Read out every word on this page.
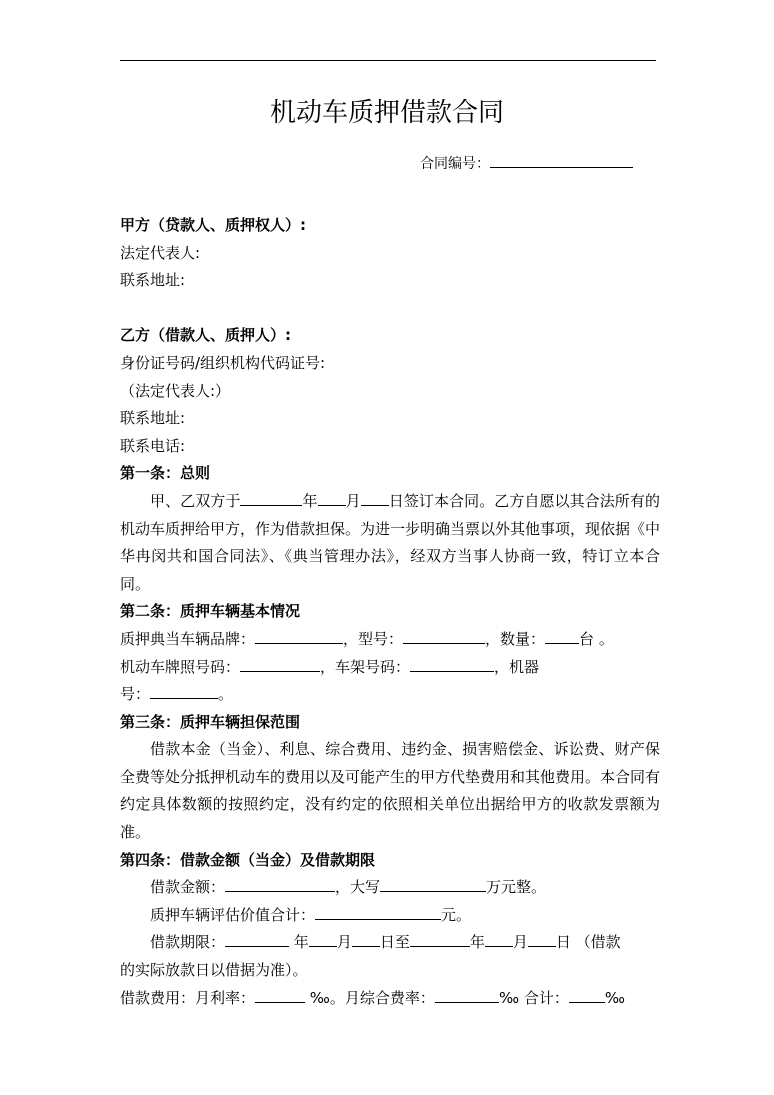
机动车质押借款合同
合同编号：
甲方（贷款人、质押权人）:
法定代表人:
联系地址:
乙方（借款人、质押人）:
身份证号码/组织机构代码证号:
（法定代表人:）
联系地址:
联系电话:
第一条：总则
甲、乙双方于	年 月 日签订本合同。乙方自愿以其合法所有的机动车质押给甲方，作为借款担保。为进一步明确当票以外其他事项，现依据《中华冉闵共和国合同法》、《典当管理办法》，经双方当事人协商一致，特订立本合同。
第二条：质押车辆基本情况
质押典当车辆品牌：	，型号：	，数量： 台 。
机动车牌照号码：	，车架号码：	，机器
号：	。
第三条：质押车辆担保范围
借款本金（当金）、利息、综合费用、违约金、损害赔偿金、诉讼费、财产保全费等处分抵押机动车的费用以及可能产生的甲方代垫费用和其他费用。本合同有约定具体数额的按照约定，没有约定的依照相关单位出据给甲方的收款发票额为准。
第四条：借款金额（当金）及借款期限
借款金额：	，大写	万元整。
质押车辆评估价值合计：	元。
借款期限：	年 月 日至	年 月 日 （借款
的实际放款日以借据为准）。
借款费用：月利率：	‰。月综合费率：	‰ 合计： ‰
